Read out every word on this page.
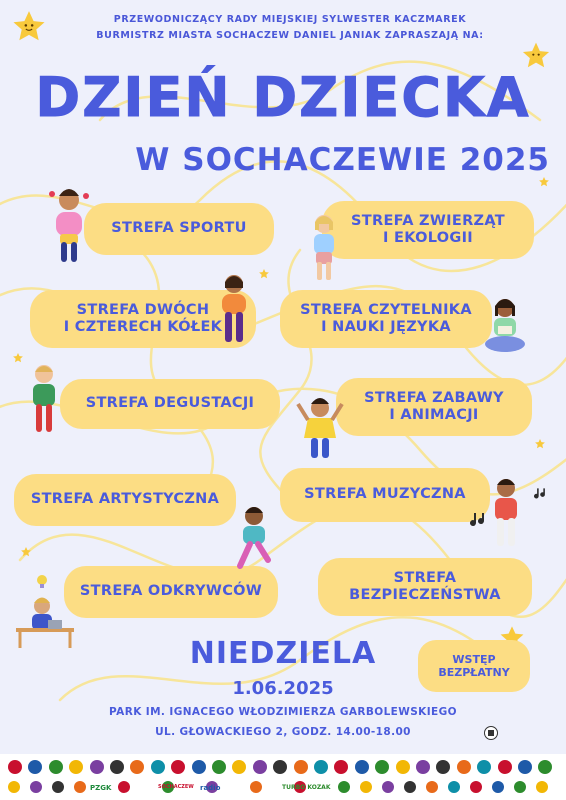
PRZEWODNICZĄCY RADY MIEJSKIEJ SYLWESTER KACZMAREK
BURMISTRZ MIASTA SOCHACZEW DANIEL JANIAK ZAPRASZAJĄ NA:
DZIEŃ DZIECKA
W SOCHACZEWIE 2025
STREFA SPORTU	STREFA ZWIERZĄT
I EKOLOGII
STREFA DWÓCH
I CZTERECH KÓŁEK
STREFA CZYTELNIKA
I NAUKI JĘZYKA
STREFA DEGUSTACJI	STREFA ZABAWY
I ANIMACJI
STREFA ARTYSTYCZNA	STREFA MUZYCZNA
STREFA ODKRYWCÓW
STREFA
BEZPIECZEŃSTWA
NIEDZIELA
1.06.2025
PARK IM. IGNACEGO WŁODZIMIERZA GARBOLEWSKIEGO
UL. GŁOWACKIEGO 2, GODZ. 14.00-18.00
WSTĘP
BEZPŁATNY
TURBO KOZAK
radio
SOCHACZEW
PZGK
